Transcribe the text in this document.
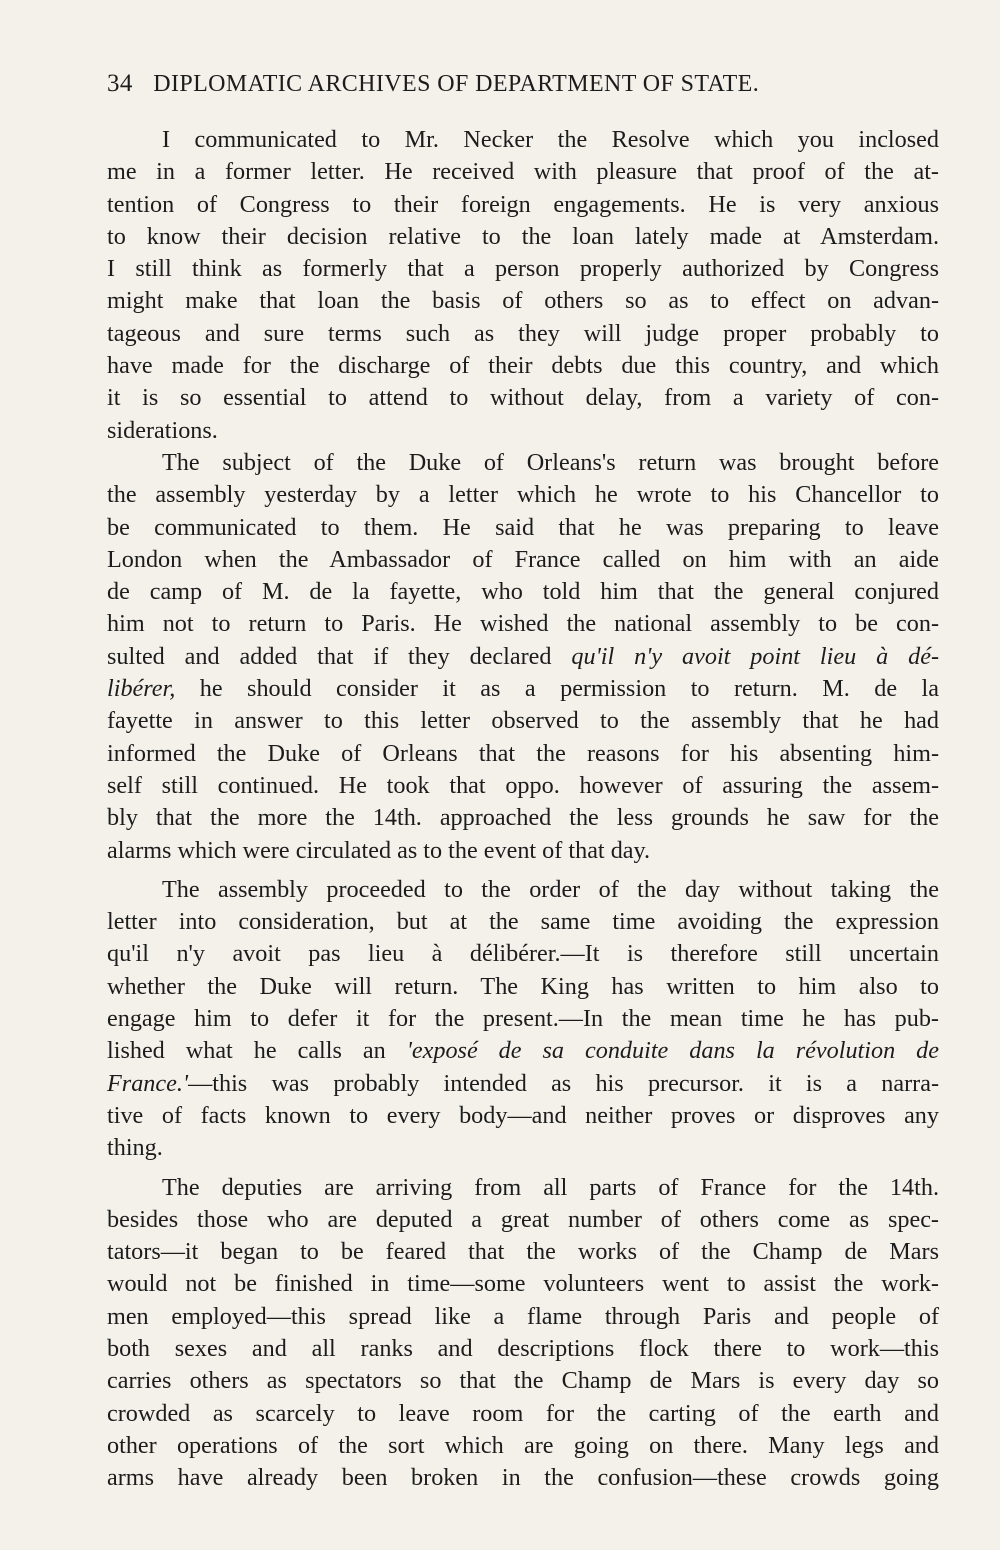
34 DIPLOMATIC ARCHIVES OF DEPARTMENT OF STATE.
I communicated to Mr. Necker the Resolve which you inclosed
me in a former letter. He received with pleasure that proof of the at-
tention of Congress to their foreign engagements. He is very anxious
to know their decision relative to the loan lately made at Amsterdam.
I still think as formerly that a person properly authorized by Congress
might make that loan the basis of others so as to effect on advan-
tageous and sure terms such as they will judge proper probably to
have made for the discharge of their debts due this country, and which
it is so essential to attend to without delay, from a variety of con-
siderations.
The subject of the Duke of Orleans's return was brought before
the assembly yesterday by a letter which he wrote to his Chancellor to
be communicated to them. He said that he was preparing to leave
London when the Ambassador of France called on him with an aide
de camp of M. de la fayette, who told him that the general conjured
him not to return to Paris. He wished the national assembly to be con-
sulted and added that if they declared qu'il n'y avoit point lieu à dé-
libérer, he should consider it as a permission to return. M. de la
fayette in answer to this letter observed to the assembly that he had
informed the Duke of Orleans that the reasons for his absenting him-
self still continued. He took that oppo. however of assuring the assem-
bly that the more the 14th. approached the less grounds he saw for the
alarms which were circulated as to the event of that day.
The assembly proceeded to the order of the day without taking the
letter into consideration, but at the same time avoiding the expression
qu'il n'y avoit pas lieu à délibérer.—It is therefore still uncertain
whether the Duke will return. The King has written to him also to
engage him to defer it for the present.—In the mean time he has pub-
lished what he calls an 'exposé de sa conduite dans la révolution de
France.'—this was probably intended as his precursor. it is a narra-
tive of facts known to every body—and neither proves or disproves any
thing.
The deputies are arriving from all parts of France for the 14th.
besides those who are deputed a great number of others come as spec-
tators—it began to be feared that the works of the Champ de Mars
would not be finished in time—some volunteers went to assist the work-
men employed—this spread like a flame through Paris and people of
both sexes and all ranks and descriptions flock there to work—this
carries others as spectators so that the Champ de Mars is every day so
crowded as scarcely to leave room for the carting of the earth and
other operations of the sort which are going on there. Many legs and
arms have already been broken in the confusion—these crowds going
